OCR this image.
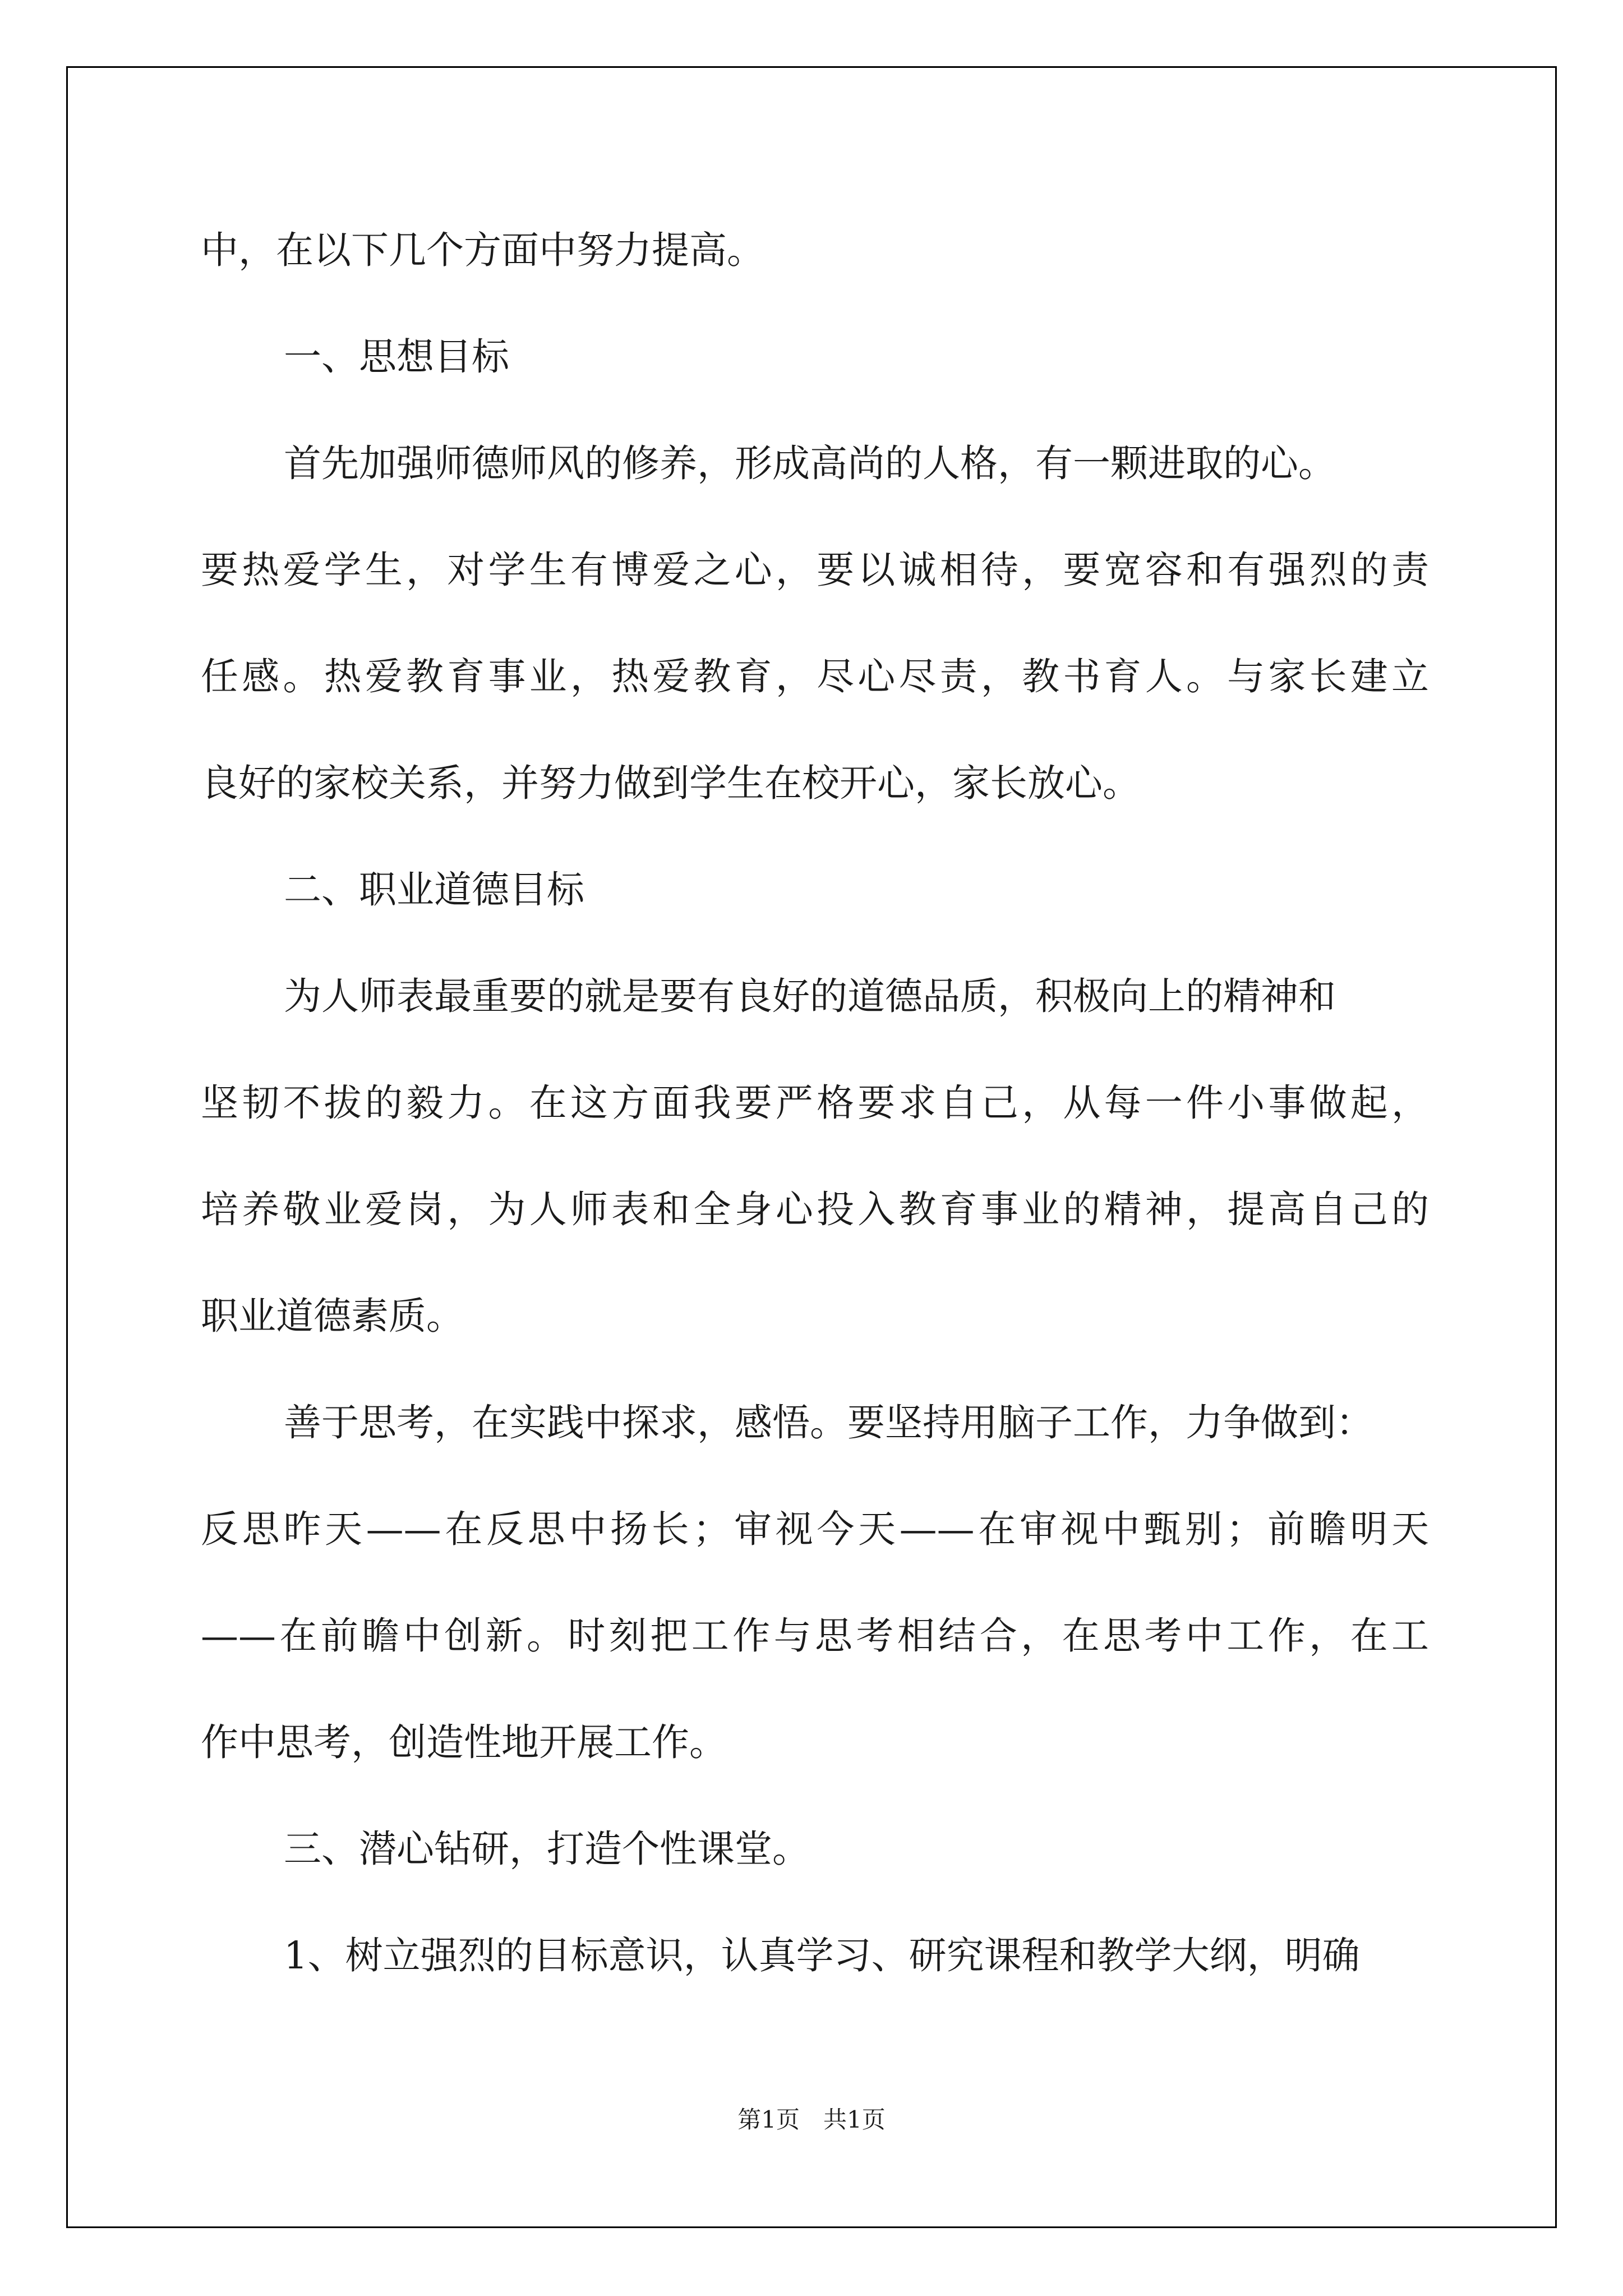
中，在以下几个方面中努力提高。
一、思想目标
首先加强师德师风的修养，形成高尚的人格，有一颗进取的心。
要热爱学生，对学生有博爱之心，要以诚相待，要宽容和有强烈的责
任感。热爱教育事业，热爱教育，尽心尽责，教书育人。与家长建立
良好的家校关系，并努力做到学生在校开心，家长放心。
二、职业道德目标
为人师表最重要的就是要有良好的道德品质，积极向上的精神和
坚韧不拔的毅力。在这方面我要严格要求自己，从每一件小事做起，
培养敬业爱岗，为人师表和全身心投入教育事业的精神，提高自己的
职业道德素质。
善于思考，在实践中探求，感悟。要坚持用脑子工作，力争做到：
反思昨天——在反思中扬长；审视今天——在审视中甄别；前瞻明天
——在前瞻中创新。时刻把工作与思考相结合，在思考中工作，在工
作中思考，创造性地开展工作。
三、潜心钻研，打造个性课堂。
1、树立强烈的目标意识，认真学习、研究课程和教学大纲，明确
第1页　共1页
